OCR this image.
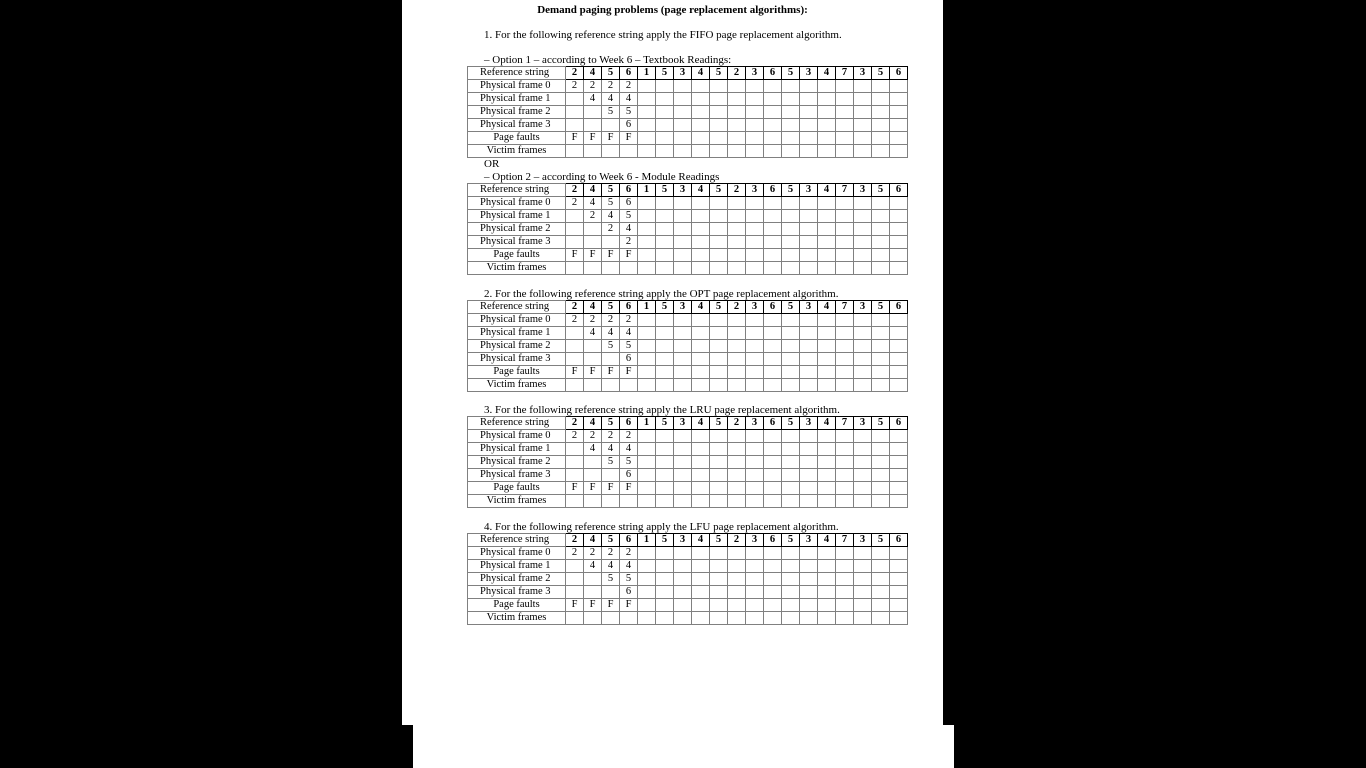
Demand paging problems (page replacement algorithms):
1. For the following reference string apply the FIFO page replacement algorithm.
– Option 1 – according to Week 6 – Textbook Readings:
Reference string	2	4	5	6	1	5	3	4	5	2	3	6	5	3	4	7	3	5	6
Physical frame 0	2	2	2	2															
Physical frame 1		4	4	4															
Physical frame 2			5	5															
Physical frame 3				6															
Page faults	F	F	F	F															
Victim frames																			
OR
– Option 2 – according to Week 6 - Module Readings
Reference string	2	4	5	6	1	5	3	4	5	2	3	6	5	3	4	7	3	5	6
Physical frame 0	2	4	5	6															
Physical frame 1		2	4	5															
Physical frame 2			2	4															
Physical frame 3				2															
Page faults	F	F	F	F															
Victim frames																			
2. For the following reference string apply the OPT page replacement algorithm.
Reference string	2	4	5	6	1	5	3	4	5	2	3	6	5	3	4	7	3	5	6
Physical frame 0	2	2	2	2															
Physical frame 1		4	4	4															
Physical frame 2			5	5															
Physical frame 3				6															
Page faults	F	F	F	F															
Victim frames																			
3. For the following reference string apply the LRU page replacement algorithm.
Reference string	2	4	5	6	1	5	3	4	5	2	3	6	5	3	4	7	3	5	6
Physical frame 0	2	2	2	2															
Physical frame 1		4	4	4															
Physical frame 2			5	5															
Physical frame 3				6															
Page faults	F	F	F	F															
Victim frames																			
4. For the following reference string apply the LFU page replacement algorithm.
Reference string	2	4	5	6	1	5	3	4	5	2	3	6	5	3	4	7	3	5	6
Physical frame 0	2	2	2	2															
Physical frame 1		4	4	4															
Physical frame 2			5	5															
Physical frame 3				6															
Page faults	F	F	F	F															
Victim frames																			
